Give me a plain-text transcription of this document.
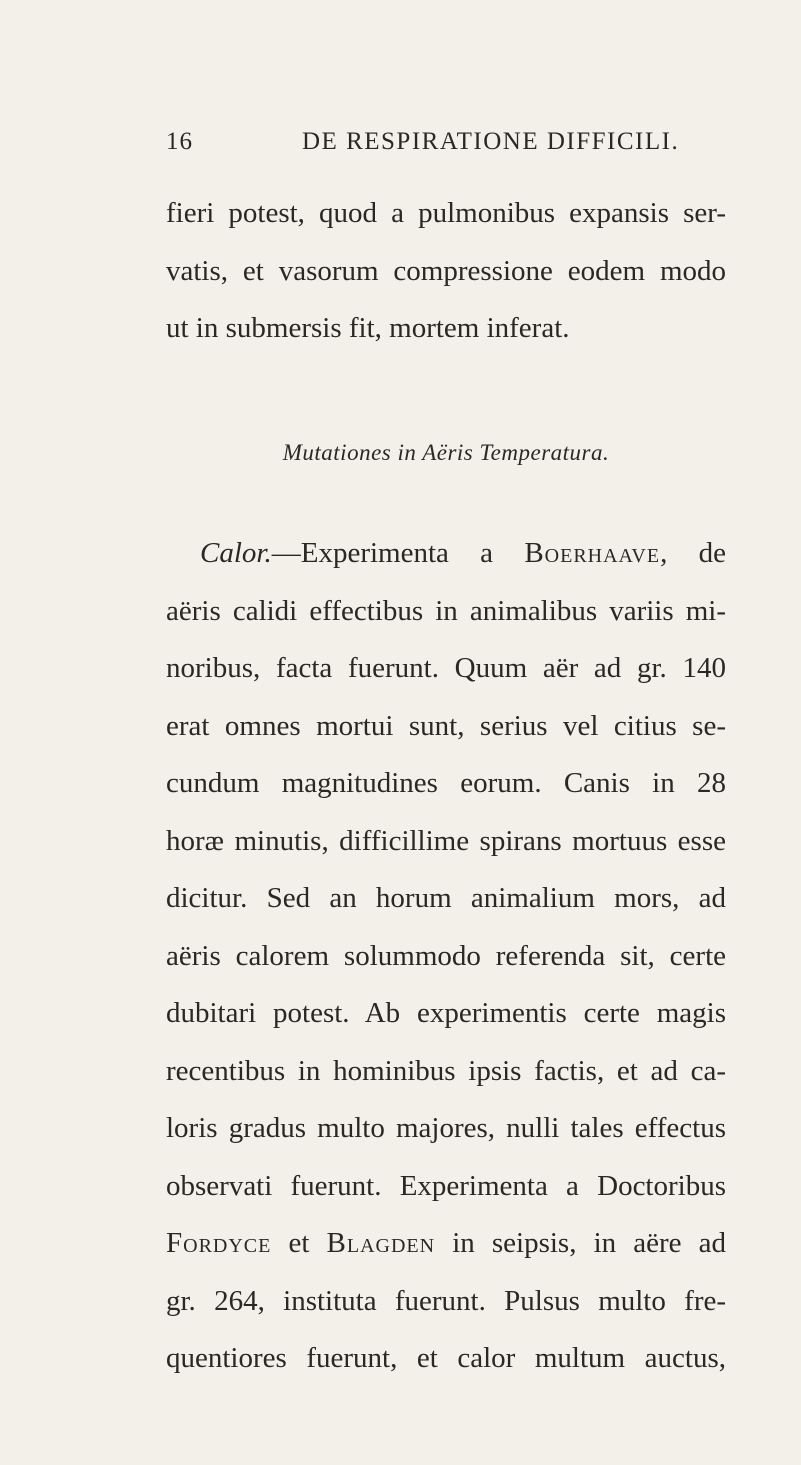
16	DE RESPIRATIONE DIFFICILI.
fieri potest, quod a pulmonibus expansis ser-
vatis, et vasorum compressione eodem modo
ut in submersis fit, mortem inferat.
Mutationes in Aëris Temperatura.
Calor.—Experimenta a Boerhaave, de
aëris calidi effectibus in animalibus variis mi-
noribus, facta fuerunt. Quum aër ad gr. 140
erat omnes mortui sunt, serius vel citius se-
cundum magnitudines eorum. Canis in 28
horæ minutis, difficillime spirans mortuus esse
dicitur. Sed an horum animalium mors, ad
aëris calorem solummodo referenda sit, certe
dubitari potest. Ab experimentis certe magis
recentibus in hominibus ipsis factis, et ad ca-
loris gradus multo majores, nulli tales effectus
observati fuerunt. Experimenta a Doctoribus
Fordyce et Blagden in seipsis, in aëre ad
gr. 264, instituta fuerunt. Pulsus multo fre-
quentiores fuerunt, et calor multum auctus,
